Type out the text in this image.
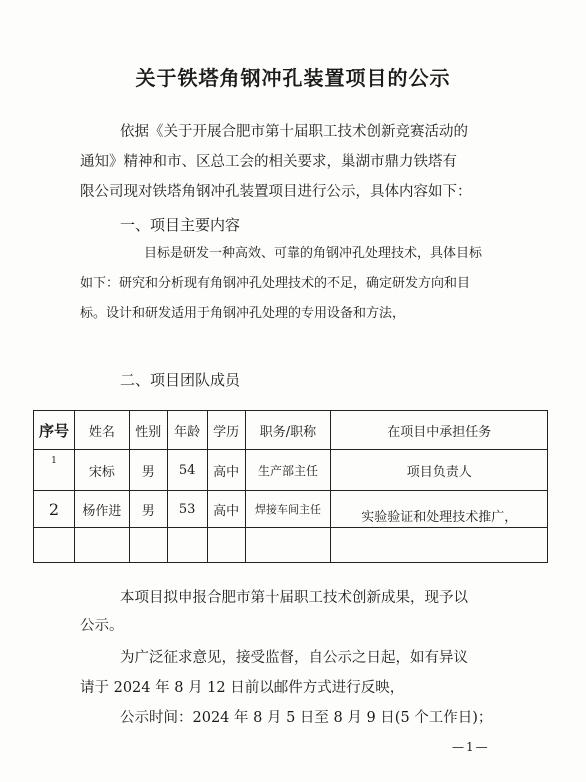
关于铁塔角钢冲孔装置项目的公示
依据《关于开展合肥市第十届职工技术创新竞赛活动的
通知》精神和市、区总工会的相关要求，巢湖市鼎力铁塔有
限公司现对铁塔角钢冲孔装置项目进行公示，具体内容如下：
一、项目主要内容
目标是研发一种高效、可靠的角钢冲孔处理技术，具体目标
如下：研究和分析现有角钢冲孔处理技术的不足，确定研发方向和目
标。设计和研发适用于角钢冲孔处理的专用设备和方法，
二、项目团队成员
序号	姓名	性别	年龄	学历	职务/职称	在项目中承担任务
1	宋标	男	54	高中	生产部主任	项目负责人
2	杨作进	男	53	高中	焊接车间主任	实验验证和处理技术推广，

本项目拟申报合肥市第十届职工技术创新成果，现予以
公示。
为广泛征求意见，接受监督，自公示之日起，如有异议
请于 2024 年 8 月 12 日前以邮件方式进行反映，
公示时间：2024 年 8 月 5 日至 8 月 9 日(5 个工作日)；
—1—
